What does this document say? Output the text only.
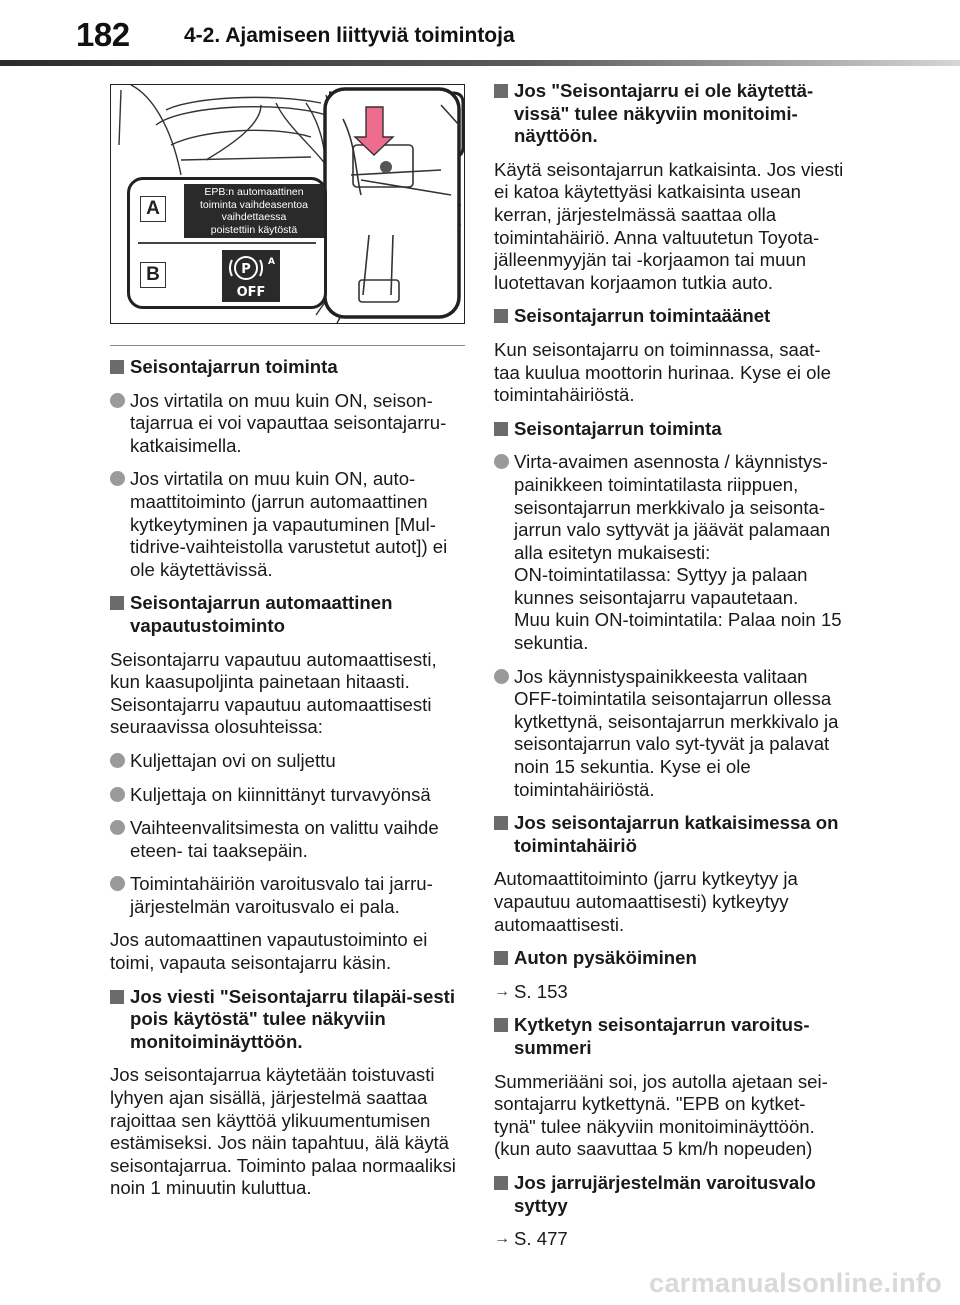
182	4-2. Ajamiseen liittyviä toimintoja
A
EPB:n automaattinen
toiminta vaihdeasentoa
vaihdettaessa
poistettiin käytöstä
B	P A
OFF
Seisontajarrun toiminta
Jos virtatila on muu kuin ON, seison-tajarrua ei voi vapauttaa seisontajarru-katkaisimella.
Jos virtatila on muu kuin ON, auto-maattitoiminto (jarrun automaattinen kytkeytyminen ja vapautuminen [Mul-tidrive-vaihteistolla varustetut autot]) ei ole käytettävissä.
Seisontajarrun automaattinen vapautustoiminto
Seisontajarru vapautuu automaattisesti, kun kaasupoljinta painetaan hitaasti. Seisontajarru vapautuu automaattisesti seuraavissa olosuhteissa:
Kuljettajan ovi on suljettu
Kuljettaja on kiinnittänyt turvavyönsä
Vaihteenvalitsimesta on valittu vaihde eteen- tai taaksepäin.
Toimintahäiriön varoitusvalo tai jarru-järjestelmän varoitusvalo ei pala.
Jos automaattinen vapautustoiminto ei toimi, vapauta seisontajarru käsin.
Jos viesti "Seisontajarru tilapäi-sesti pois käytöstä" tulee näkyviin monitoiminäyttöön.
Jos seisontajarrua käytetään toistuvasti lyhyen ajan sisällä, järjestelmä saattaa rajoittaa sen käyttöä ylikuumentumisen estämiseksi. Jos näin tapahtuu, älä käytä seisontajarrua. Toiminto palaa normaaliksi noin 1 minuutin kuluttua.
Jos "Seisontajarru ei ole käytettä-vissä" tulee näkyviin monitoimi-näyttöön.
Käytä seisontajarrun katkaisinta. Jos viesti ei katoa käytettyäsi katkaisinta usean kerran, järjestelmässä saattaa olla toimintahäiriö. Anna valtuutetun Toyota-jälleenmyyjän tai -korjaamon tai muun luotettavan korjaamon tutkia auto.
Seisontajarrun toimintaäänet
Kun seisontajarru on toiminnassa, saat-taa kuulua moottorin hurinaa. Kyse ei ole toimintahäiriöstä.
Seisontajarrun toiminta
Virta-avaimen asennosta / käynnistys-painikkeen toimintatilasta riippuen, seisontajarrun merkkivalo ja seisonta-jarrun valo syttyvät ja jäävät palamaan alla esitetyn mukaisesti:
ON-toimintatilassa: Syttyy ja palaan kunnes seisontajarru vapautetaan.
Muu kuin ON-toimintatila: Palaa noin 15 sekuntia.
Jos käynnistyspainikkeesta valitaan OFF-toimintatila seisontajarrun ollessa kytkettynä, seisontajarrun merkkivalo ja seisontajarrun valo syt-tyvät ja palavat noin 15 sekuntia. Kyse ei ole toimintahäiriöstä.
Jos seisontajarrun katkaisimessa on toimintahäiriö
Automaattitoiminto (jarru kytkeytyy ja vapautuu automaattisesti) kytkeytyy automaattisesti.
Auton pysäköiminen
→ S. 153
Kytketyn seisontajarrun varoitus-summeri
Summeriääni soi, jos autolla ajetaan sei-sontajarru kytkettynä. "EPB on kytket-tynä" tulee näkyviin monitoiminäyttöön. (kun auto saavuttaa 5 km/h nopeuden)
Jos jarrujärjestelmän varoitusvalo syttyy
→ S. 477
carmanualsonline.info
